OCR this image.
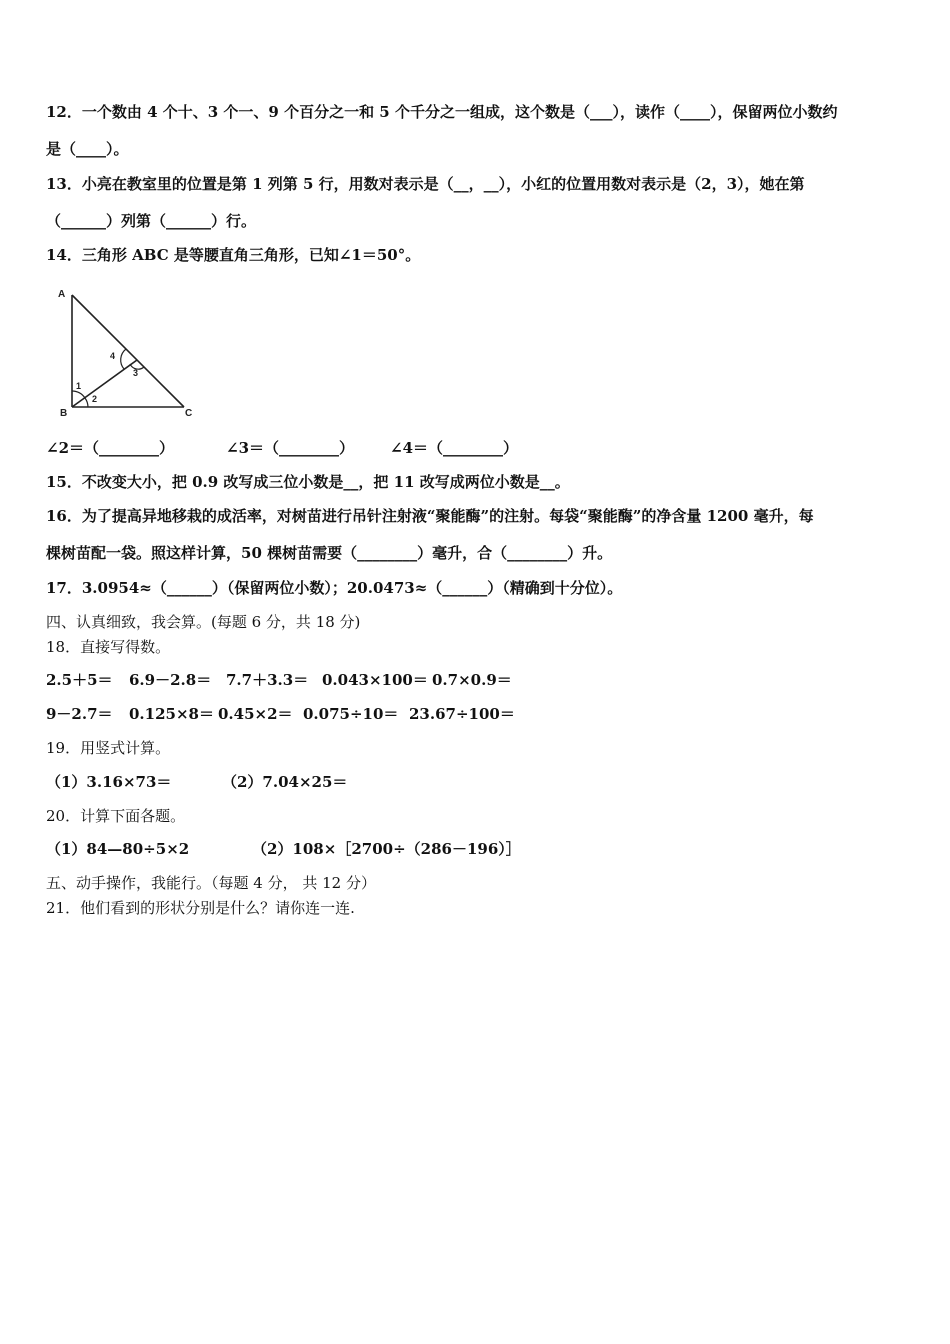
12．一个数由 4 个十、3 个一、9 个百分之一和 5 个千分之一组成，这个数是（___），读作（____），保留两位小数约
是（____）。
13．小亮在教室里的位置是第 1 列第 5 行，用数对表示是（__，__），小红的位置用数对表示是（2，3），她在第
（______）列第（______）行。
14．三角形 ABC 是等腰直角三角形，已知∠1＝50°。
A
B	C
1
2
3
4
∠2＝（________）	∠3＝（________） ∠4＝（________）
15．不改变大小，把 0.9 改写成三位小数是__，把 11 改写成两位小数是__。
16．为了提高异地移栽的成活率，对树苗进行吊针注射液“聚能酶”的注射。每袋“聚能酶”的净含量 1200 毫升，每
棵树苗配一袋。照这样计算，50 棵树苗需要（________）毫升，合（________）升。
17．3.0954≈（______）（保留两位小数）；20.0473≈（______）（精确到十分位）。
四、认真细致，我会算。(每题 6 分，共 18 分)
18．直接写得数。
2.5＋5＝ 6.9－2.8＝ 7.7＋3.3＝ 0.043×100＝ 0.7×0.9＝
9－2.7＝ 0.125×8＝ 0.45×2＝ 0.075÷10＝ 23.67÷100＝
19．用竖式计算。
（1）3.16×73＝	（2）7.04×25＝
20．计算下面各题。
（1）84—80÷5×2	（2）108×［2700÷（286－196）］
五、动手操作，我能行。（每题 4 分， 共 12 分）
21．他们看到的形状分别是什么？请你连一连.
